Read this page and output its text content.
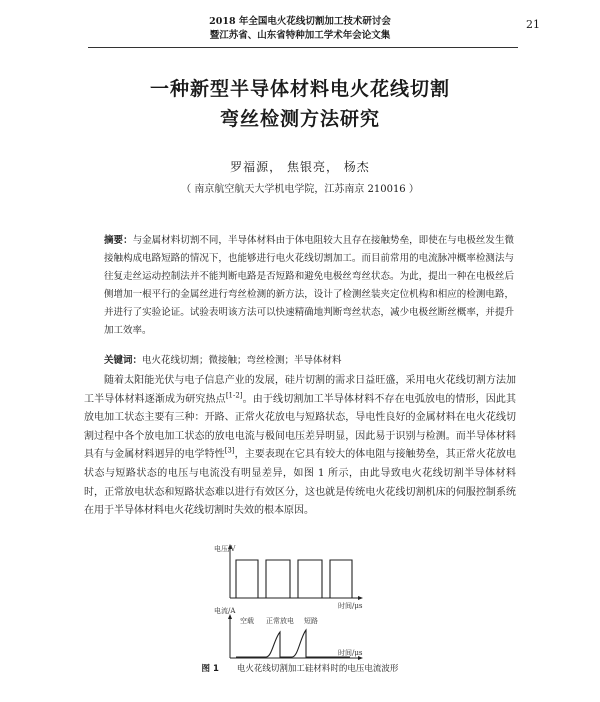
2018 年全国电火花线切割加工技术研讨会
暨江苏省、山东省特种加工学术年会论文集
21
一种新型半导体材料电火花线切割
弯丝检测方法研究
罗福源， 焦银亮， 杨杰
（ 南京航空航天大学机电学院，江苏南京 210016 ）
摘要：与金属材料切割不同，半导体材料由于体电阻较大且存在接触势垒，即使在与电极丝发生微接触构成电路短路的情况下，也能够进行电火花线切割加工。而目前常用的电流脉冲概率检测法与往复走丝运动控制法并不能判断电路是否短路和避免电极丝弯丝状态。为此，提出一种在电极丝后侧增加一根平行的金属丝进行弯丝检测的新方法，设计了检测丝装夹定位机构和相应的检测电路，并进行了实验论证。试验表明该方法可以快速精确地判断弯丝状态，减少电极丝断丝概率，并提升加工效率。
关键词：电火花线切割；微接触；弯丝检测；半导体材料
随着太阳能光伏与电子信息产业的发展，硅片切割的需求日益旺盛，采用电火花线切割方法加工半导体材料逐渐成为研究热点[1-2]。由于线切割加工半导体材料不存在电弧放电的情形，因此其放电加工状态主要有三种：开路、正常火花放电与短路状态，导电性良好的金属材料在电火花线切割过程中各个放电加工状态的放电电流与极间电压差异明显，因此易于识别与检测。而半导体材料具有与金属材料迥异的电学特性[3]，主要表现在它具有较大的体电阻与接触势垒，其正常火花放电状态与短路状态的电压与电流没有明显差异，如图 1 所示，由此导致电火花线切割半导体材料时，正常放电状态和短路状态难以进行有效区分，这也就是传统电火花线切割机床的伺服控制系统在用于半导体材料电火花线切割时失效的根本原因。
电压/V
时间/μs
电流/A
空载 正常放电 短路
时间/μs
图 1 电火花线切割加工硅材料时的电压电流波形
